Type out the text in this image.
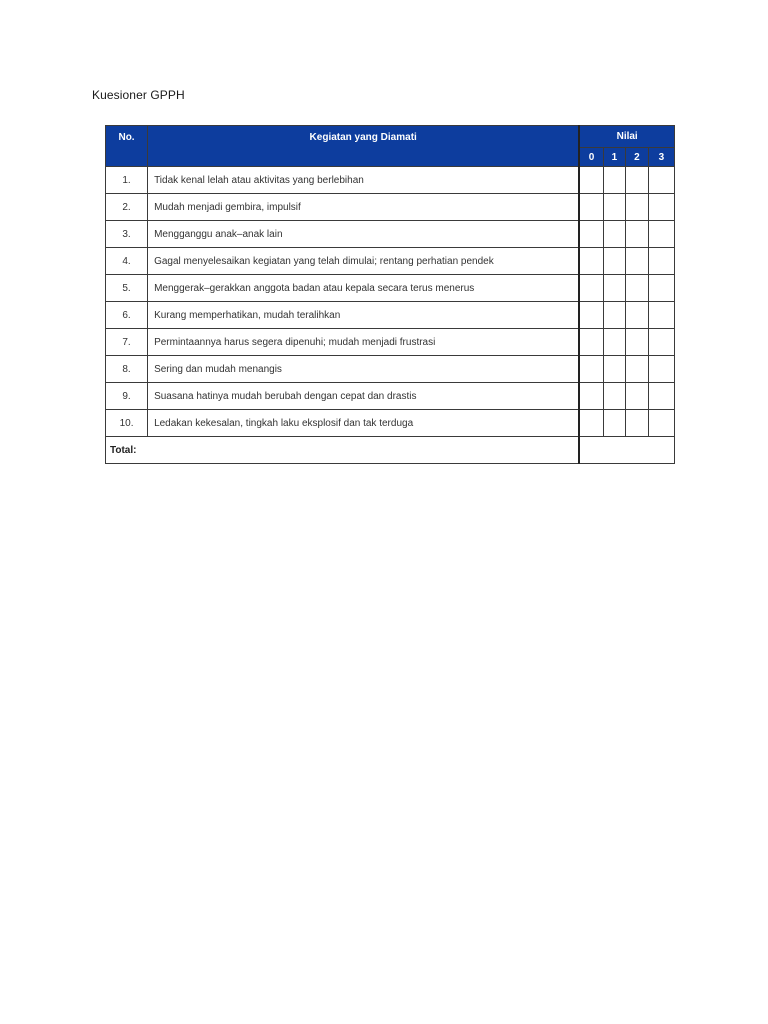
Kuesioner GPPH
No.	Kegiatan yang Diamati	Nilai			
		0	1	2	3
1.	Tidak kenal lelah atau aktivitas yang berlebihan				
2.	Mudah menjadi gembira, impulsif				
3.	Mengganggu anak–anak lain				
4.	Gagal menyelesaikan kegiatan yang telah dimulai; rentang perhatian pendek				
5.	Menggerak–gerakkan anggota badan atau kepala secara terus menerus				
6.	Kurang memperhatikan, mudah teralihkan				
7.	Permintaannya harus segera dipenuhi; mudah menjadi frustrasi				
8.	Sering dan mudah menangis				
9.	Suasana hatinya mudah berubah dengan cepat dan drastis				
10.	Ledakan kekesalan, tingkah laku eksplosif dan tak terduga				
Total:					
